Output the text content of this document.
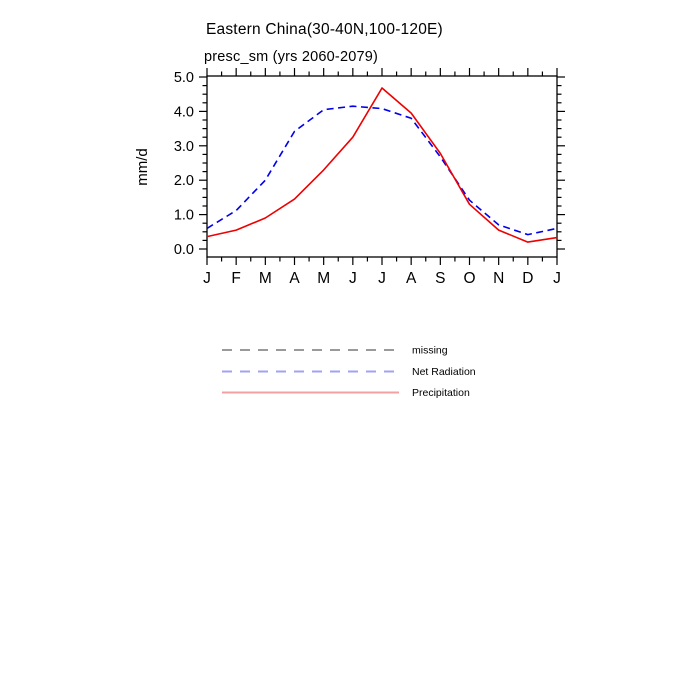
Eastern China(30-40N,100-120E)
presc_sm (yrs 2060-2079)
0.0
1.0
2.0
3.0
4.0
5.0
J F M A M J J A S O N D J
mm/d
missing
Net Radiation
Precipitation
